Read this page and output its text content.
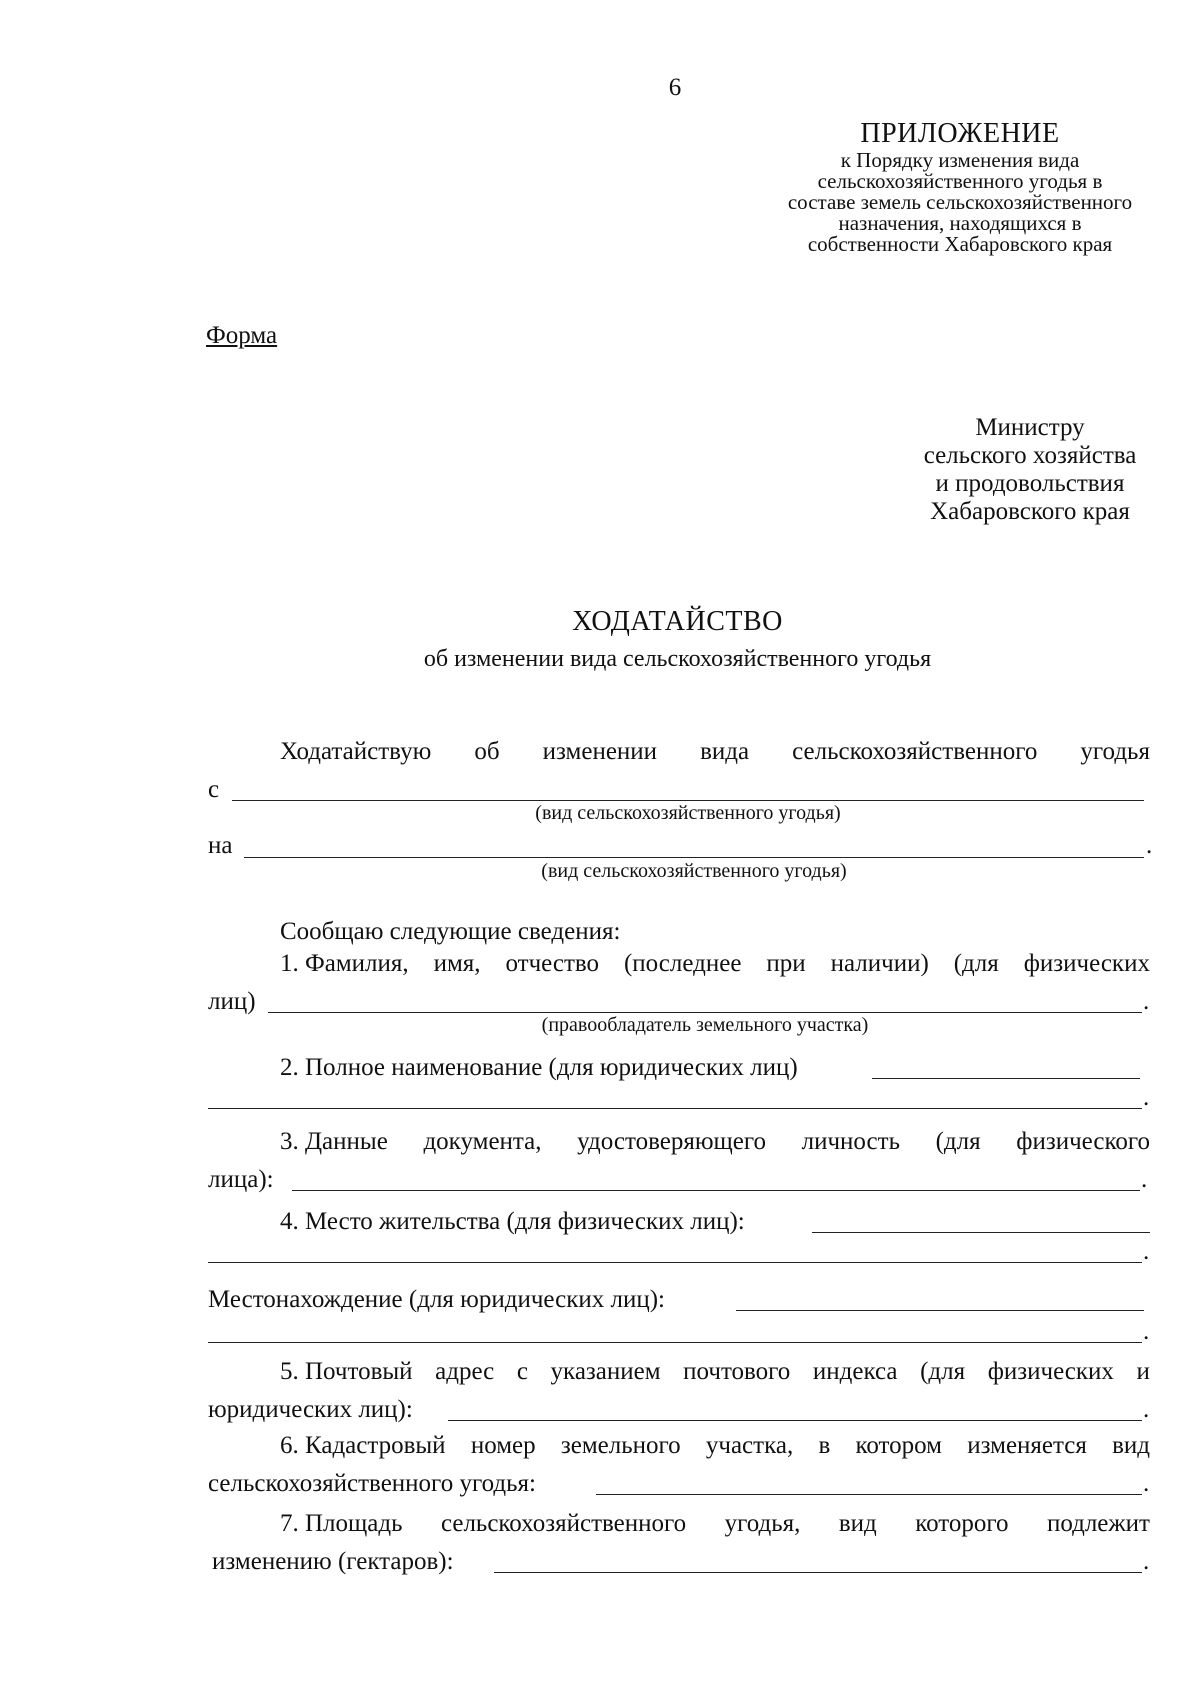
6
ПРИЛОЖЕНИЕ
к Порядку изменения вида
сельскохозяйственного угодья в
составе земель сельскохозяйственного
назначения, находящихся в
собственности Хабаровского края
Форма
Министру
сельского хозяйства
и продовольствия
Хабаровского края
ХОДАТАЙСТВО
об изменении вида сельскохозяйственного угодья
Ходатайствую об изменении вида сельскохозяйственного угодья
с
(вид сельскохозяйственного угодья)
на	.
(вид сельскохозяйственного угодья)
Сообщаю следующие сведения:
1. Фамилия, имя, отчество (последнее при наличии) (для физических
лиц)	.
(правообладатель земельного участка)
2. Полное наименование (для юридических лиц)
.
3. Данные документа, удостоверяющего личность (для физического
лица):	.
4. Место жительства (для физических лиц):
.
Местонахождение (для юридических лиц):
.
5. Почтовый адрес с указанием почтового индекса (для физических и
юридических лиц):	.
6. Кадастровый номер земельного участка, в котором изменяется вид
сельскохозяйственного угодья:	.
7. Площадь сельскохозяйственного угодья, вид которого подлежит
изменению (гектаров):	.
